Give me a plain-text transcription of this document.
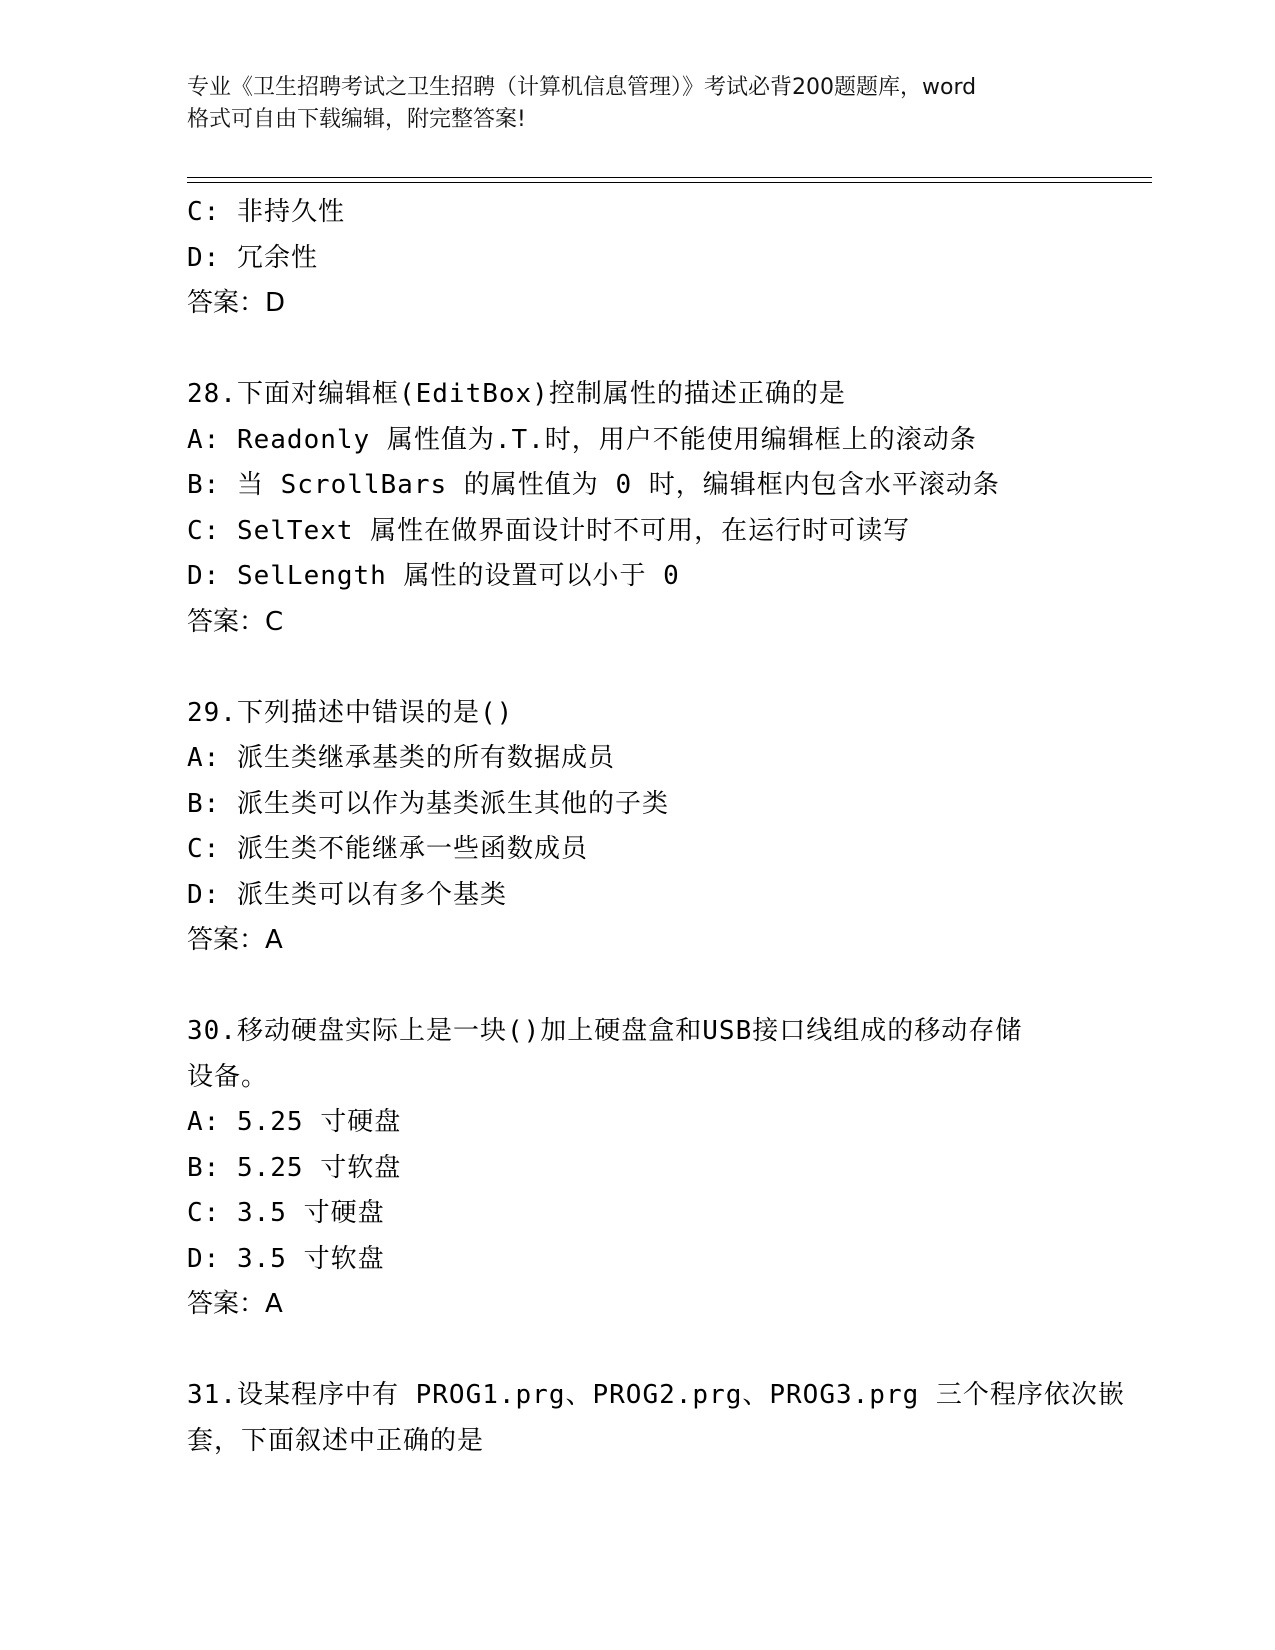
专业《卫生招聘考试之卫生招聘（计算机信息管理）》考试必背200题题库，word
格式可自由下载编辑，附完整答案!
C: 非持久性
D: 冗余性
答案：D
28.下面对编辑框(EditBox)控制属性的描述正确的是
A: Readonly 属性值为.T.时，用户不能使用编辑框上的滚动条
B: 当 ScrollBars 的属性值为 0 时，编辑框内包含水平滚动条
C: SelText 属性在做界面设计时不可用，在运行时可读写
D: SelLength 属性的设置可以小于 0
答案：C
29.下列描述中错误的是()
A: 派生类继承基类的所有数据成员
B: 派生类可以作为基类派生其他的子类
C: 派生类不能继承一些函数成员
D: 派生类可以有多个基类
答案：A
30.移动硬盘实际上是一块()加上硬盘盒和USB接口线组成的移动存储
设备。
A: 5.25 寸硬盘
B: 5.25 寸软盘
C: 3.5 寸硬盘
D: 3.5 寸软盘
答案：A
31.设某程序中有 PROG1.prg、PROG2.prg、PROG3.prg 三个程序依次嵌
套，下面叙述中正确的是
